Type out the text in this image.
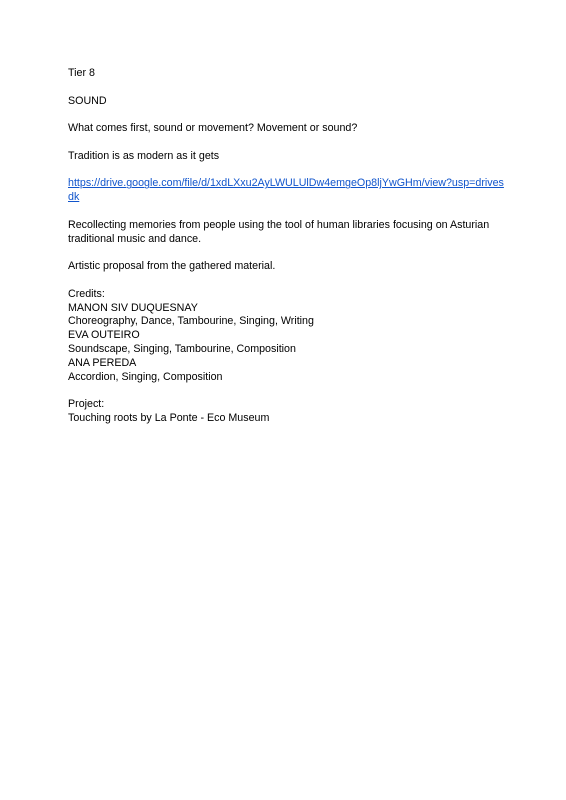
Tier 8

SOUND

What comes first, sound or movement? Movement or sound?

Tradition is as modern as it gets

https://drive.google.com/file/d/1xdLXxu2AyLWULUlDw4emgeOp8ljYwGHm/view?usp=drives
dk

Recollecting memories from people using the tool of human libraries focusing on Asturian
traditional music and dance.

Artistic proposal from the gathered material.

Credits:
MANON SIV DUQUESNAY
Choreography, Dance, Tambourine, Singing, Writing
EVA OUTEIRO
Soundscape, Singing, Tambourine, Composition
ANA PEREDA
Accordion, Singing, Composition
Project:
Touching roots by La Ponte - Eco Museum
